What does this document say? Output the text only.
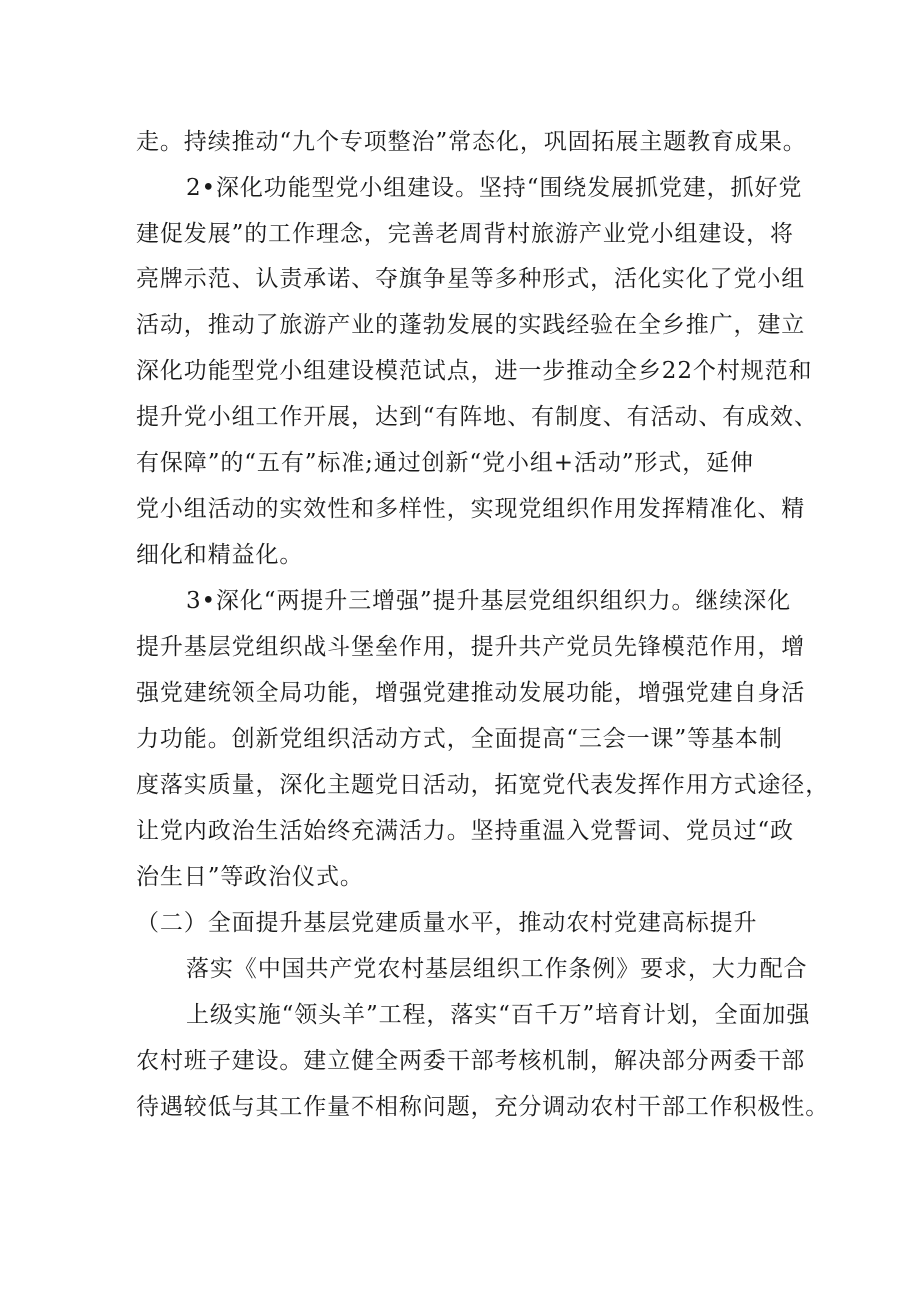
走。持续推动“九个专项整治”常态化，巩固拓展主题教育成果。
2•深化功能型党小组建设。坚持“围绕发展抓党建，抓好党
建促发展”的工作理念，完善老周背村旅游产业党小组建设，将
亮牌示范、认责承诺、夺旗争星等多种形式，活化实化了党小组
活动，推动了旅游产业的蓬勃发展的实践经验在全乡推广，建立
深化功能型党小组建设模范试点，进一步推动全乡22个村规范和
提升党小组工作开展，达到“有阵地、有制度、有活动、有成效、
有保障”的“五有”标准;通过创新“党小组+活动”形式，延伸
党小组活动的实效性和多样性，实现党组织作用发挥精准化、精
细化和精益化。
3•深化“两提升三增强”提升基层党组织组织力。继续深化
提升基层党组织战斗堡垒作用，提升共产党员先锋模范作用，增
强党建统领全局功能，增强党建推动发展功能，增强党建自身活
力功能。创新党组织活动方式，全面提高“三会一课”等基本制
度落实质量，深化主题党日活动，拓宽党代表发挥作用方式途径，
让党内政治生活始终充满活力。坚持重温入党誓词、党员过“政
治生日”等政治仪式。
（二）全面提升基层党建质量水平，推动农村党建高标提升
落实《中国共产党农村基层组织工作条例》要求，大力配合
上级实施“领头羊”工程，落实“百千万”培育计划，全面加强
农村班子建设。建立健全两委干部考核机制，解决部分两委干部
待遇较低与其工作量不相称问题，充分调动农村干部工作积极性。
